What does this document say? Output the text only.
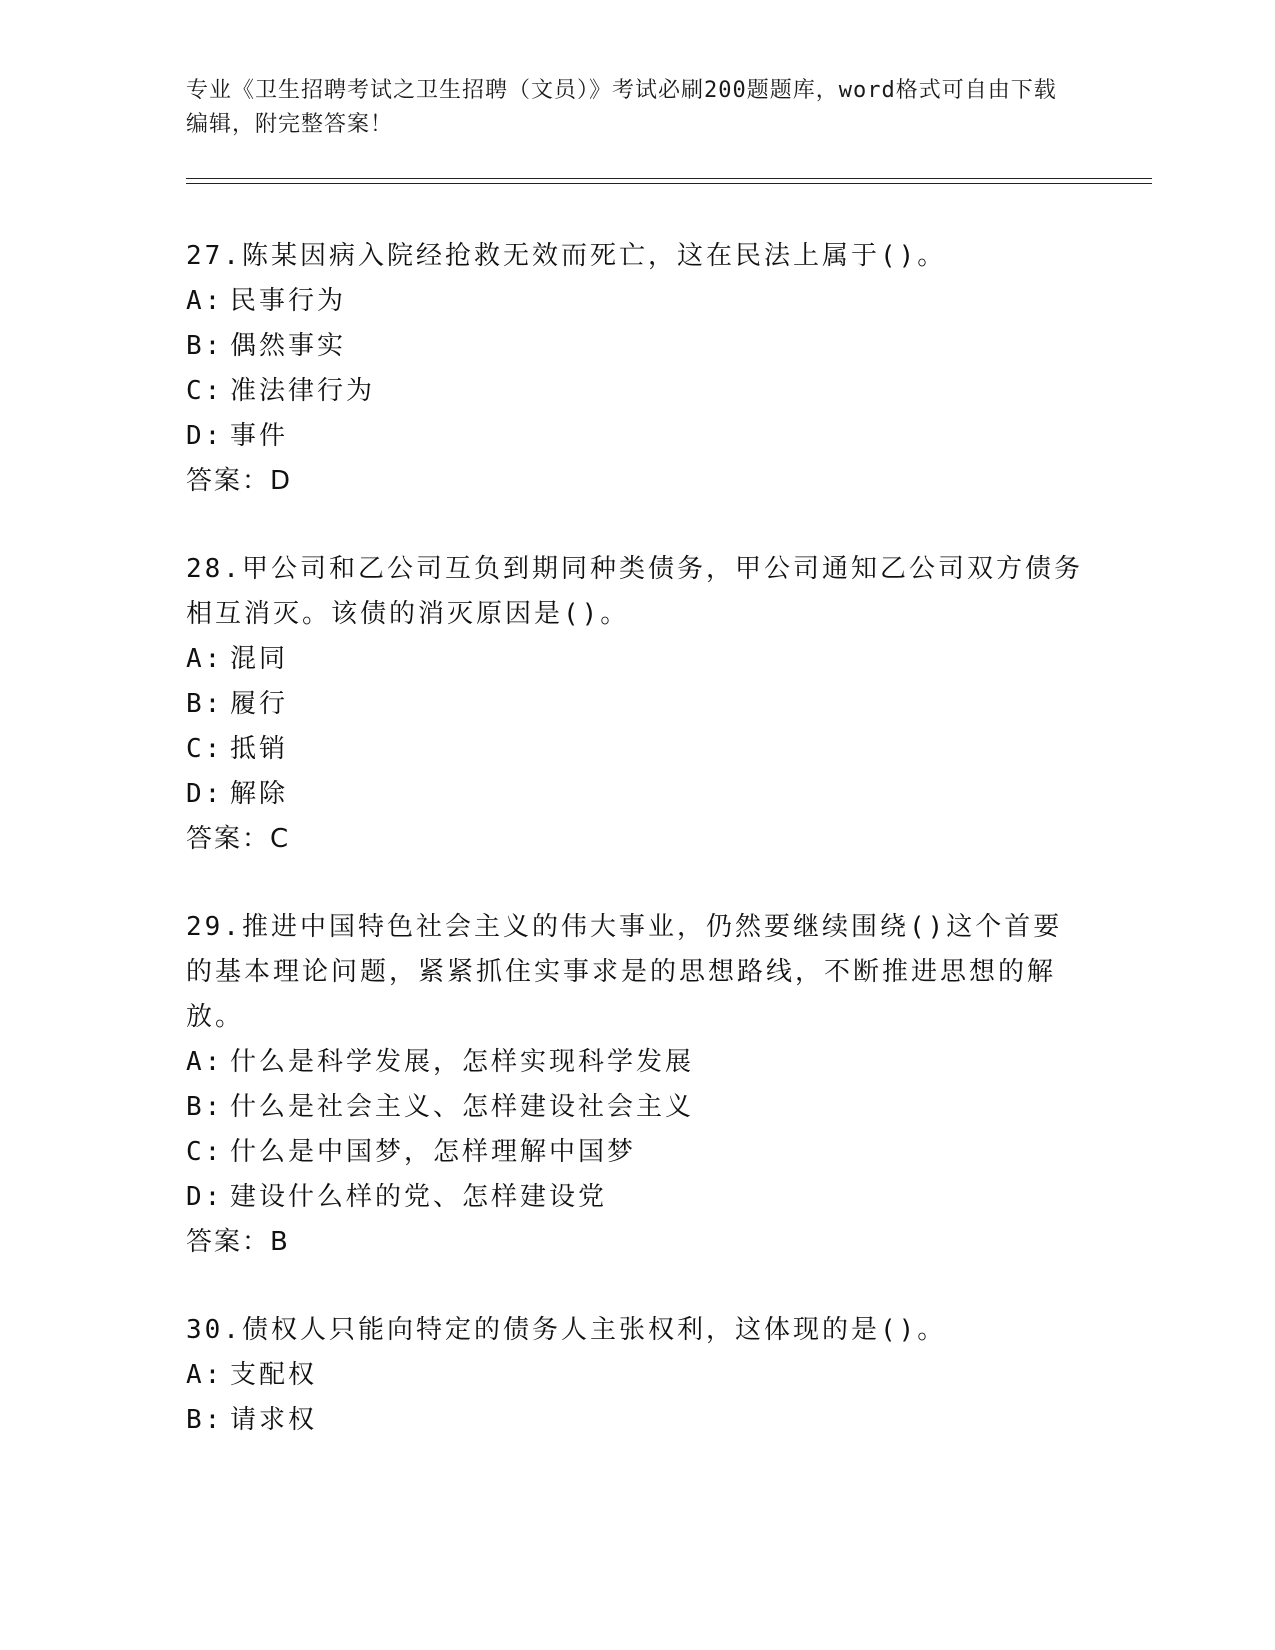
专业《卫生招聘考试之卫生招聘（文员）》考试必刷200题题库，word格式可自由下载编辑，附完整答案！

27.陈某因病入院经抢救无效而死亡，这在民法上属于()。

A: 民事行为

B: 偶然事实

C: 准法律行为

D: 事件

答案：D

28.甲公司和乙公司互负到期同种类债务，甲公司通知乙公司双方债务相互消灭。该债的消灭原因是()。

A: 混同

B: 履行

C: 抵销

D: 解除

答案：C

29.推进中国特色社会主义的伟大事业，仍然要继续围绕()这个首要的基本理论问题，紧紧抓住实事求是的思想路线，不断推进思想的解放。

A: 什么是科学发展，怎样实现科学发展

B: 什么是社会主义、怎样建设社会主义

C: 什么是中国梦，怎样理解中国梦

D: 建设什么样的党、怎样建设党

答案：B

30.债权人只能向特定的债务人主张权利，这体现的是()。

A: 支配权

B: 请求权
